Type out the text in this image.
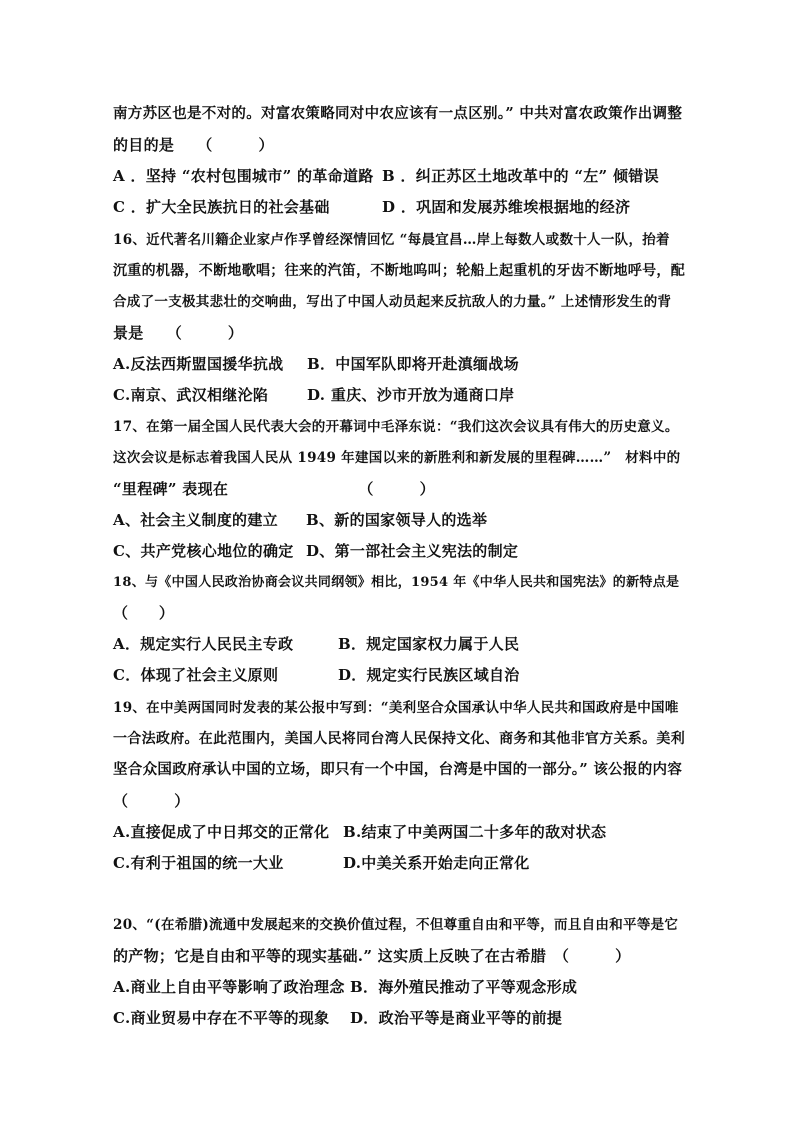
南方苏区也是不对的。对富农策略同对中农应该有一点区别。” 中共对富农政策作出调整
的目的是　　（　　　）
A ．坚持 “农村包围城市” 的革命道路 B ．纠正苏区土地改革中的 “左” 倾错误
C ．扩大全民族抗日的社会基础	D ．巩固和发展苏维埃根据地的经济
16、近代著名川籍企业家卢作孚曾经深情回忆 “每晨宜昌…岸上每数人或数十人一队，抬着
沉重的机器，不断地歌唱；往来的汽笛，不断地呜叫；轮船上起重机的牙齿不断地呼号，配
合成了一支极其悲壮的交响曲，写出了中国人动员起来反抗敌人的力量。” 上述情形发生的背
景是　　（　　　）
A.反法西斯盟国援华抗战 B．中国军队即将开赴滇缅战场
C.南京、武汉相继沦陷	D. 重庆、沙市开放为通商口岸
17、在第一届全国人民代表大会的开幕词中毛泽东说：“我们这次会议具有伟大的历史意义。
这次会议是标志着我国人民从 1949 年建国以来的新胜利和新发展的里程碑……”　材料中的
“里程碑” 表现在　　　　　　　　　（　　　）
A、社会主义制度的建立 B、新的国家领导人的选举
C、共产党核心地位的确定 D、第一部社会主义宪法的制定
18、与《中国人民政治协商会议共同纲领》相比，1954 年《中华人民共和国宪法》的新特点是
（　　）
A．规定实行人民民主专政	B．规定国家权力属于人民
C．体现了社会主义原则	D．规定实行民族区域自治
19、在中美两国同时发表的某公报中写到：“美利坚合众国承认中华人民共和国政府是中国唯
一合法政府。在此范围内，美国人民将同台湾人民保持文化、商务和其他非官方关系。美利
坚合众国政府承认中国的立场，即只有一个中国，台湾是中国的一部分。” 该公报的内容
（　　　）
A.直接促成了中日邦交的正常化 B.结束了中美两国二十多年的敌对状态
C.有利于祖国的统一大业	D.中美关系开始走向正常化
20、“(在希腊)流通中发展起来的交换价值过程，不但尊重自由和平等，而且自由和平等是它
的产物；它是自由和平等的现实基础.” 这实质上反映了在古希腊　（　　　）
A.商业上自由平等影响了政治理念 B．海外殖民推动了平等观念形成
C.商业贸易中存在不平等的现象 D．政治平等是商业平等的前提
